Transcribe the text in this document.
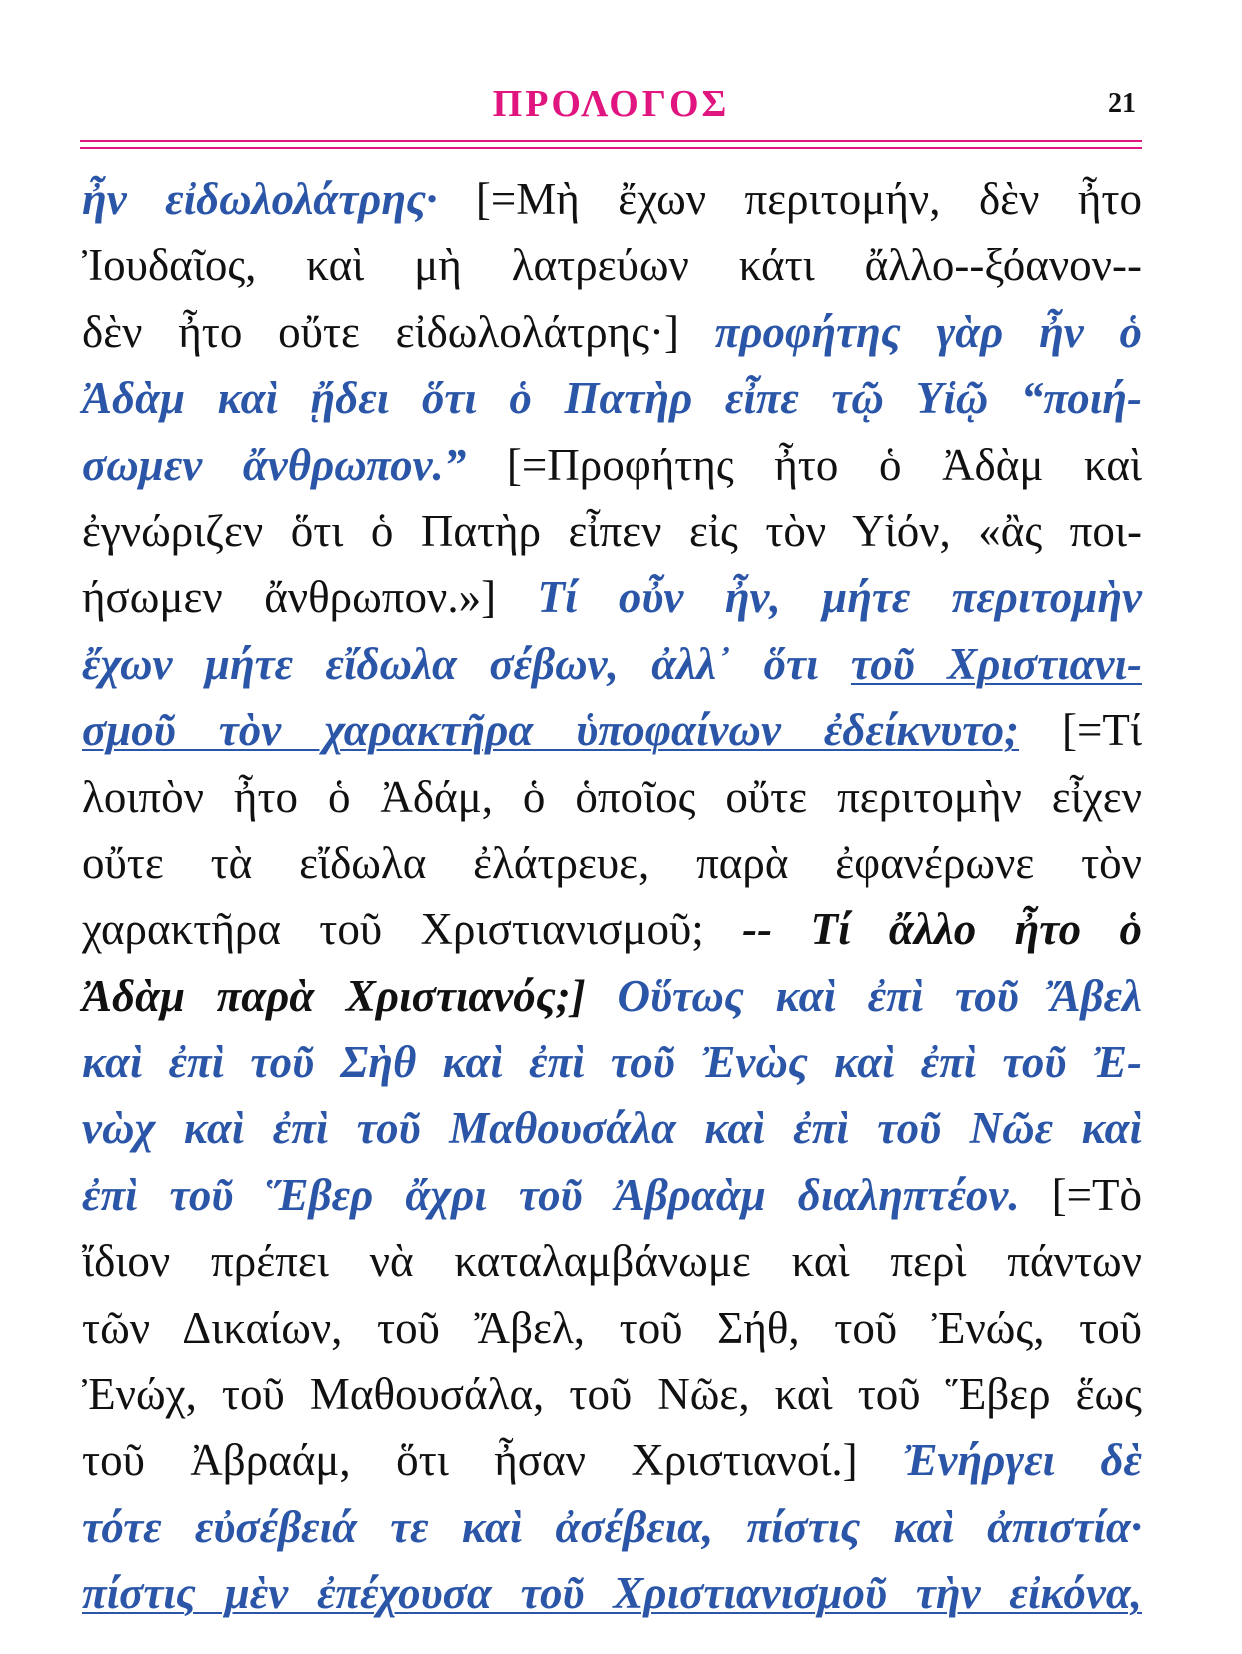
ΠΡΟΛΟΓΟΣ	21
ἦν εἰδωλολάτρης· [=Μὴ ἔχων περιτομήν, δὲν ἦτο
Ἰουδαῖος, καὶ μὴ λατρεύων κάτι ἄλλο--ξόανον--
δὲν ἦτο οὔτε εἰδωλολάτρης·] προφήτης γὰρ ἦν ὁ
Ἀδὰμ καὶ ᾔδει ὅτι ὁ Πατὴρ εἶπε τῷ Υἱῷ “ποιή-
σωμεν ἄνθρωπον.” [=Προφήτης ἦτο ὁ Ἀδὰμ καὶ
ἐγνώριζεν ὅτι ὁ Πατὴρ εἶπεν εἰς τὸν Υἱόν, «ἂς ποι-
ήσωμεν ἄνθρωπον.»] Τί οὖν ἦν, μήτε περιτομὴν
ἔχων μήτε εἴδωλα σέβων, ἀλλ᾽ ὅτι τοῦ Χριστιανι-
σμοῦ τὸν χαρακτῆρα ὑποφαίνων ἐδείκνυτο; [=Τί
λοιπὸν ἦτο ὁ Ἀδάμ, ὁ ὁποῖος οὔτε περιτομὴν εἶχεν
οὔτε τὰ εἴδωλα ἐλάτρευε, παρὰ ἐφανέρωνε τὸν
χαρακτῆρα τοῦ Χριστιανισμοῦ; -- Τί ἄλλο ἦτο ὁ
Ἀδὰμ παρὰ Χριστιανός;] Οὕτως καὶ ἐπὶ τοῦ Ἄβελ
καὶ ἐπὶ τοῦ Σὴθ καὶ ἐπὶ τοῦ Ἐνὼς καὶ ἐπὶ τοῦ Ἐ-
νὼχ καὶ ἐπὶ τοῦ Μαθουσάλα καὶ ἐπὶ τοῦ Νῶε καὶ
ἐπὶ τοῦ Ἕβερ ἄχρι τοῦ Ἀβραὰμ διαληπτέον. [=Τὸ
ἴδιον πρέπει νὰ καταλαμβάνωμε καὶ περὶ πάντων
τῶν Δικαίων, τοῦ Ἄβελ, τοῦ Σήθ, τοῦ Ἐνώς, τοῦ
Ἐνώχ, τοῦ Μαθουσάλα, τοῦ Νῶε, καὶ τοῦ Ἕβερ ἕως
τοῦ Ἀβραάμ, ὅτι ἦσαν Χριστιανοί.] Ἐνήργει δὲ
τότε εὐσέβειά τε καὶ ἀσέβεια, πίστις καὶ ἀπιστία·
πίστις μὲν ἐπέχουσα τοῦ Χριστιανισμοῦ τὴν εἰκόνα,
